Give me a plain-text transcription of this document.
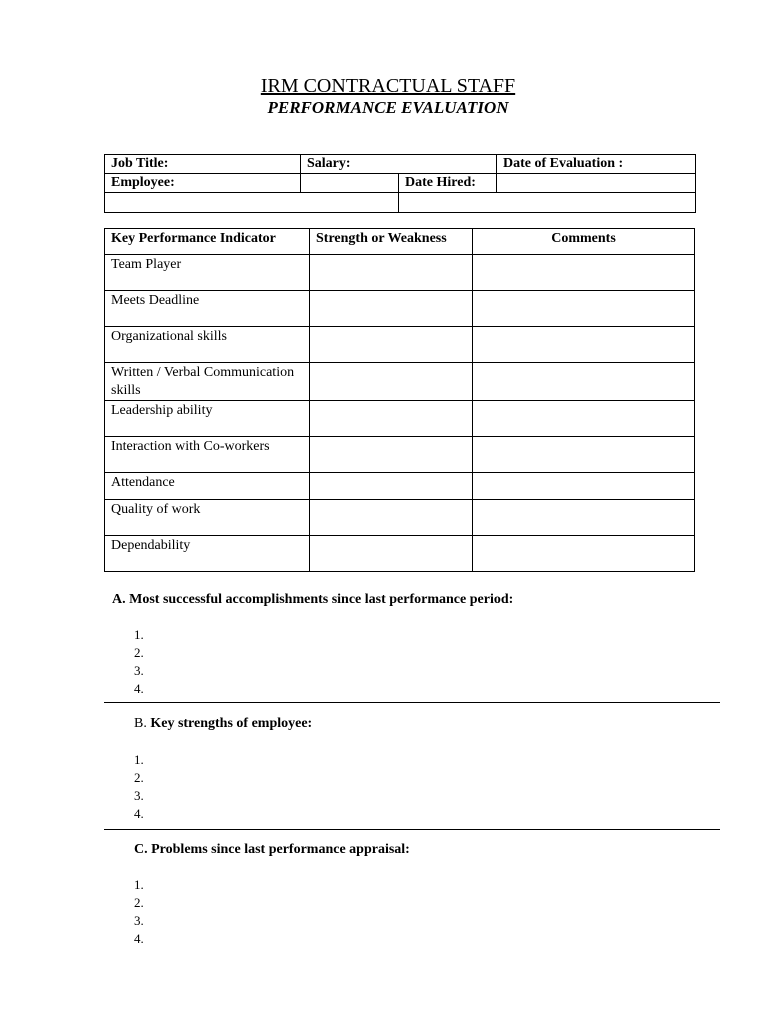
IRM CONTRACTUAL STAFF
PERFORMANCE EVALUATION
Job Title:	Salary:		Date of Evaluation :
Employee:		Date Hired:	

Key Performance Indicator	Strength or Weakness	Comments
Team Player		
Meets Deadline		
Organizational skills		
Written / Verbal Communication skills		
Leadership ability		
Interaction with Co-workers		
Attendance		
Quality of work		
Dependability		
A. Most successful accomplishments since last performance period:
1.
2.
3.
4.
B. Key strengths of employee:
1.
2.
3.
4.
C. Problems since last performance appraisal:
1.
2.
3.
4.
